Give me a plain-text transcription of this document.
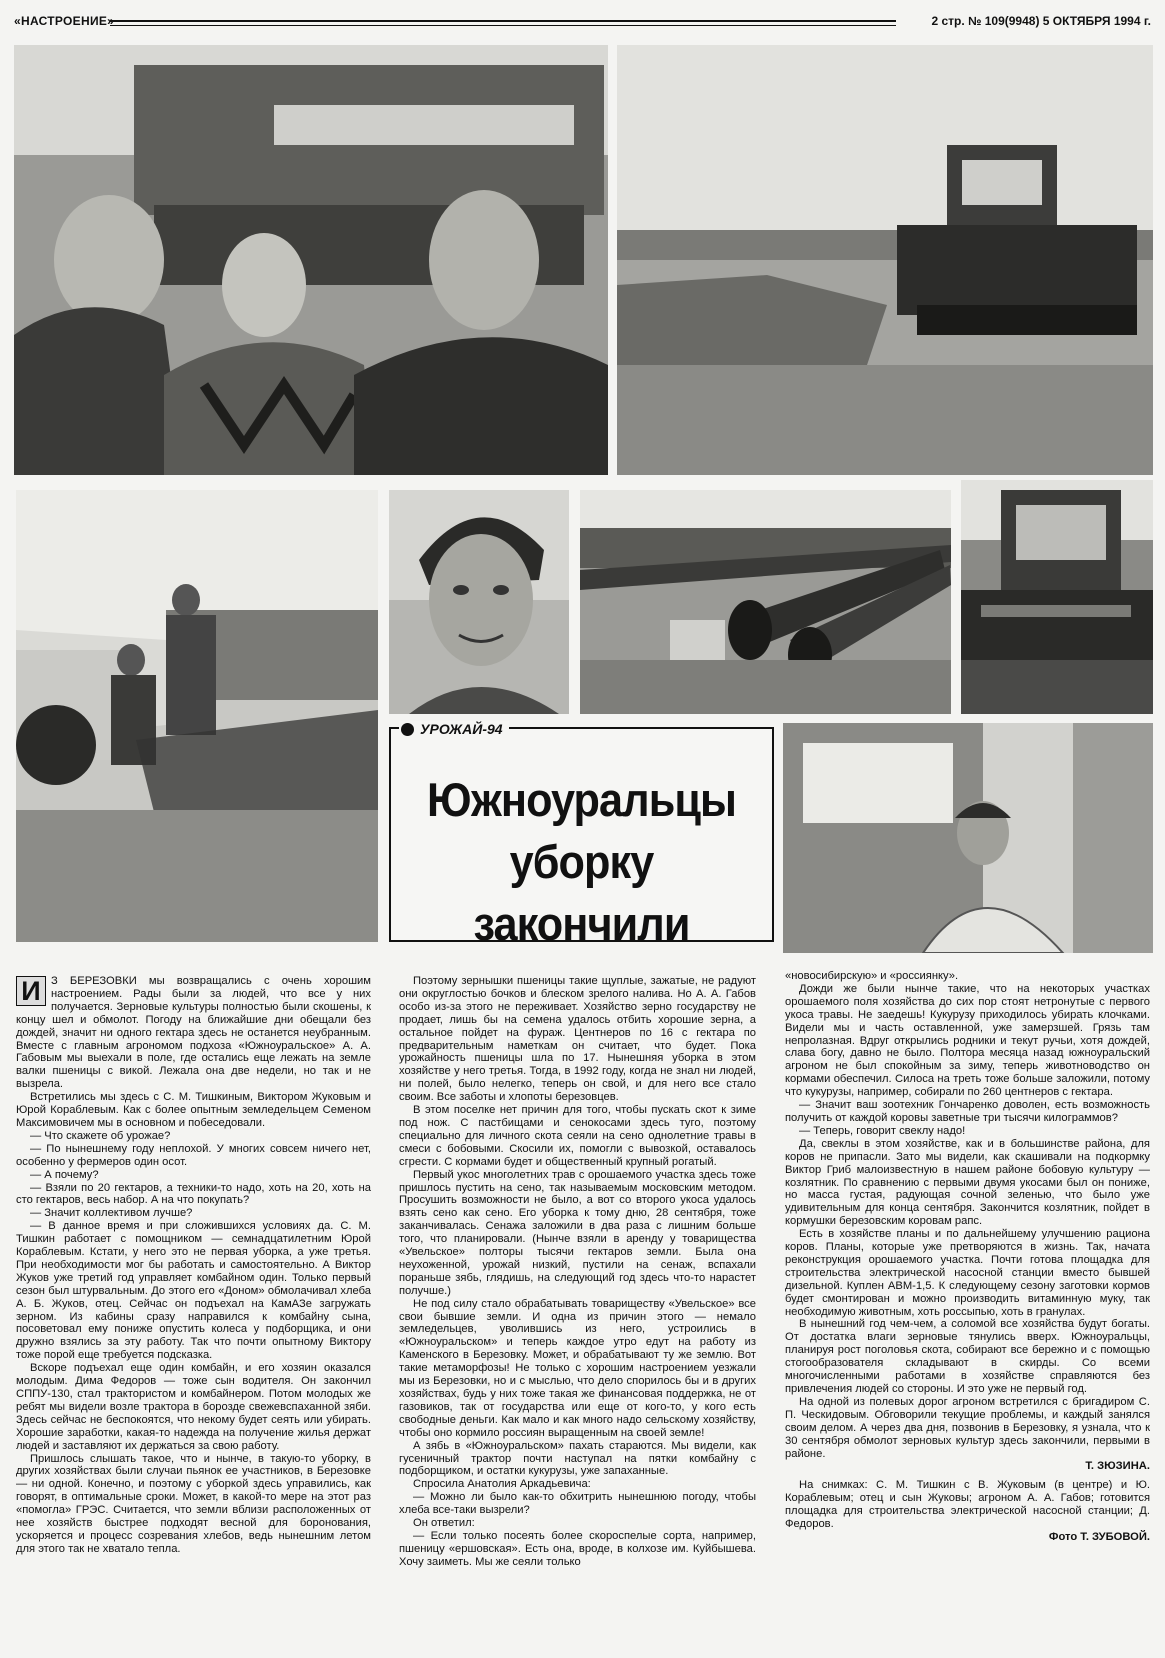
«НАСТРОЕНИЕ»	2 стр. № 109(9948) 5 ОКТЯБРЯ 1994 г.
УРОЖАЙ-94
Южноуральцы
уборку
закончили

И З БЕРЕЗОВКИ мы возвращались с очень хорошим настроением. Рады были за людей, что все у них получается. Зерновые культуры полностью были скошены, к концу шел и обмолот. Погоду на ближайшие дни обещали без дождей, значит ни одного гектара здесь не останется неубранным. Вместе с главным агрономом подхоза «Южноуральское» А. А. Габовым мы выехали в поле, где остались еще лежать на земле валки пшеницы с викой. Лежала она две недели, но так и не вызрела.

Встретились мы здесь с С. М. Тишкиным, Виктором Жуковым и Юрой Кораблевым. Как с более опытным земледельцем Семеном Максимовичем мы в основном и побеседовали.

— Что скажете об урожае?

— По нынешнему году неплохой. У многих совсем ничего нет, особенно у фермеров один осот.

— А почему?

— Взяли по 20 гектаров, а техники-то надо, хоть на 20, хоть на сто гектаров, весь набор. А на что покупать?

— Значит коллективом лучше?

— В данное время и при сложившихся условиях да. С. М. Тишкин работает с помощником — семнадцатилетним Юрой Кораблевым. Кстати, у него это не первая уборка, а уже третья. При необходимости мог бы работать и самостоятельно. А Виктор Жуков уже третий год управляет комбайном один. Только первый сезон был штурвальным. До этого его «Доном» обмолачивал хлеба А. Б. Жуков, отец. Сейчас он подъехал на КамАЗе загружать зерном. Из кабины сразу направился к комбайну сына, посоветовал ему пониже опустить колеса у подборщика, и они дружно взялись за эту работу. Так что почти опытному Виктору тоже порой еще требуется подсказка.

Вскоре подъехал еще один комбайн, и его хозяин оказался молодым. Дима Федоров — тоже сын водителя. Он закончил СППУ-130, стал трактористом и комбайнером. Потом молодых же ребят мы видели возле трактора в борозде свежевспаханной зяби. Здесь сейчас не беспокоятся, что некому будет сеять или убирать. Хорошие заработки, какая-то надежда на получение жилья держат людей и заставляют их держаться за свою работу.

Пришлось слышать такое, что и нынче, в такую-то уборку, в других хозяйствах были случаи пьянок ее участников, в Березовке — ни одной. Конечно, и поэтому с уборкой здесь управились, как говорят, в оптимальные сроки. Может, в какой-то мере на этот раз «помогла» ГРЭС. Считается, что земли вблизи расположенных от нее хозяйств быстрее подходят весной для боронования, ускоряется и процесс созревания хлебов, ведь нынешним летом для этого так не хватало тепла.

Поэтому зернышки пшеницы такие щуплые, зажатые, не радуют они округлостью бочков и блеском зрелого налива. Но А. А. Габов особо из-за этого не переживает. Хозяйство зерно государству не продает, лишь бы на семена удалось отбить хорошие зерна, а остальное пойдет на фураж. Центнеров по 16 с гектара по предварительным наметкам он считает, что будет. Пока урожайность пшеницы шла по 17. Нынешняя уборка в этом хозяйстве у него третья. Тогда, в 1992 году, когда не знал ни людей, ни полей, было нелегко, теперь он свой, и для него все стало своим. Все заботы и хлопоты березовцев.

В этом поселке нет причин для того, чтобы пускать скот к зиме под нож. С пастбищами и сенокосами здесь туго, поэтому специально для личного скота сеяли на сено однолетние травы в смеси с бобовыми. Скосили их, помогли с вывозкой, оставалось сгрести. С кормами будет и общественный крупный рогатый.

Первый укос многолетних трав с орошаемого участка здесь тоже пришлось пустить на сено, так называемым московским методом. Просушить возможности не было, а вот со второго укоса удалось взять сено как сено. Его уборка к тому дню, 28 сентября, тоже заканчивалась. Сенажа заложили в два раза с лишним больше того, что планировали. (Нынче взяли в аренду у товарищества «Увельское» полторы тысячи гектаров земли. Была она неухоженной, урожай низкий, пустили на сенаж, вспахали пораньше зябь, глядишь, на следующий год здесь что-то нарастет получше.)

Не под силу стало обрабатывать товариществу «Увельское» все свои бывшие земли. И одна из причин этого — немало земледельцев, уволившись из него, устроились в «Южноуральском» и теперь каждое утро едут на работу из Каменского в Березовку. Может, и обрабатывают ту же землю. Вот такие метаморфозы! Не только с хорошим настроением уезжали мы из Березовки, но и с мыслью, что дело спорилось бы и в других хозяйствах, будь у них тоже такая же финансовая поддержка, не от газовиков, так от государства или еще от кого-то, у кого есть свободные деньги. Как мало и как много надо сельскому хозяйству, чтобы оно кормило россиян выращенным на своей земле!

А зябь в «Южноуральском» пахать стараются. Мы видели, как гусеничный трактор почти наступал на пятки комбайну с подборщиком, и остатки кукурузы, уже запаханные.

Спросила Анатолия Аркадьевича:

— Можно ли было как-то обхитрить нынешнюю погоду, чтобы хлеба все-таки вызрели?

Он ответил:

— Если только посеять более скороспелые сорта, например, пшеницу «ершовская». Есть она, вроде, в колхозе им. Куйбышева. Хочу заиметь. Мы же сеяли только

«новосибирскую» и «россиянку».

Дожди же были нынче такие, что на некоторых участках орошаемого поля хозяйства до сих пор стоят нетронутые с первого укоса травы. Не заедешь! Кукурузу приходилось убирать клочками. Видели мы и часть оставленной, уже замерзшей. Грязь там непролазная. Вдруг открылись родники и текут ручьи, хотя дождей, слава богу, давно не было. Полтора месяца назад южноуральский агроном не был спокойным за зиму, теперь животноводство он кормами обеспечил. Силоса на треть тоже больше заложили, потому что кукурузы, например, собирали по 260 центнеров с гектара.

— Значит ваш зоотехник Гончаренко доволен, есть возможность получить от каждой коровы заветные три тысячи килограммов?

— Теперь, говорит свеклу надо!

Да, свеклы в этом хозяйстве, как и в большинстве района, для коров не припасли. Зато мы видели, как скашивали на подкормку Виктор Гриб малоизвестную в нашем районе бобовую культуру — козлятник. По сравнению с первыми двумя укосами был он пониже, но масса густая, радующая сочной зеленью, что было уже удивительным для конца сентября. Закончится козлятник, пойдет в кормушки березовским коровам рапс.

Есть в хозяйстве планы и по дальнейшему улучшению рациона коров. Планы, которые уже претворяются в жизнь. Так, начата реконструкция орошаемого участка. Почти готова площадка для строительства электрической насосной станции вместо бывшей дизельной. Куплен АВМ-1,5. К следующему сезону заготовки кормов будет смонтирован и можно производить витаминную муку, так необходимую животным, хоть россыпью, хоть в гранулах.

В нынешний год чем-чем, а соломой все хозяйства будут богаты. От достатка влаги зерновые тянулись вверх. Южноуральцы, планируя рост поголовья скота, собирают все бережно и с помощью стогообразователя складывают в скирды. Со всеми многочисленными работами в хозяйстве справляются без привлечения людей со стороны. И это уже не первый год.

На одной из полевых дорог агроном встретился с бригадиром С. П. Ческидовым. Обговорили текущие проблемы, и каждый занялся своим делом. А через два дня, позвонив в Березовку, я узнала, что к 30 сентября обмолот зерновых культур здесь закончили, первыми в районе.

Т. ЗЮЗИНА.

На снимках: С. М. Тишкин с В. Жуковым (в центре) и Ю. Кораблевым; отец и сын Жуковы; агроном А. А. Габов; готовится площадка для строительства электрической насосной станции; Д. Федоров.

Фото Т. ЗУБОВОЙ.
